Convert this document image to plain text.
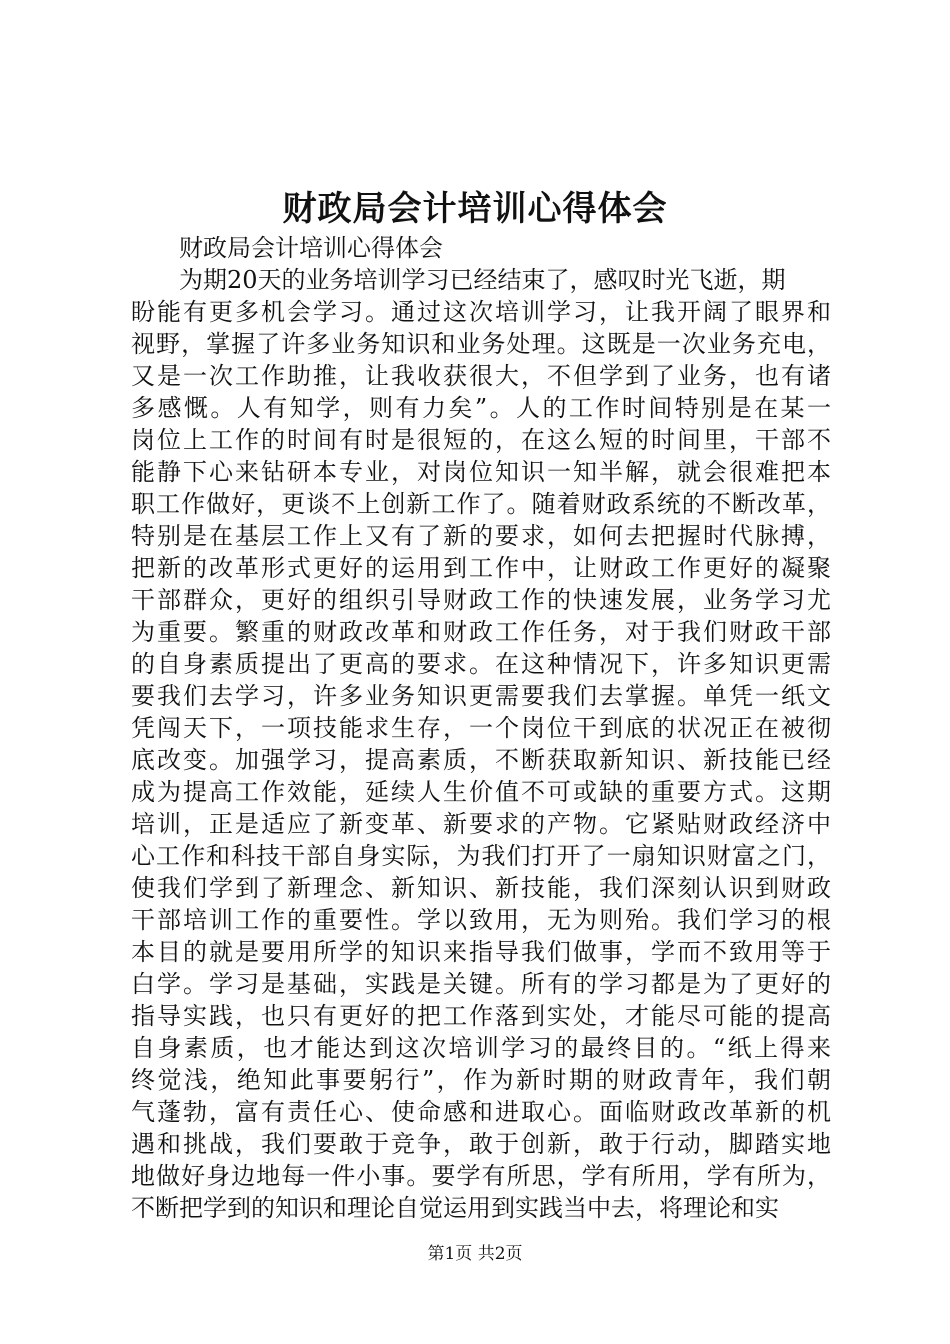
财政局会计培训心得体会
财政局会计培训心得体会
为期20天的业务培训学习已经结束了，感叹时光飞逝，期
盼能有更多机会学习。通过这次培训学习，让我开阔了眼界和
视野，掌握了许多业务知识和业务处理。这既是一次业务充电，
又是一次工作助推，让我收获很大，不但学到了业务，也有诸
多感慨。人有知学，则有力矣”。人的工作时间特别是在某一
岗位上工作的时间有时是很短的，在这么短的时间里，干部不
能静下心来钻研本专业，对岗位知识一知半解，就会很难把本
职工作做好，更谈不上创新工作了。随着财政系统的不断改革，
特别是在基层工作上又有了新的要求，如何去把握时代脉搏，
把新的改革形式更好的运用到工作中，让财政工作更好的凝聚
干部群众，更好的组织引导财政工作的快速发展，业务学习尤
为重要。繁重的财政改革和财政工作任务，对于我们财政干部
的自身素质提出了更高的要求。在这种情况下，许多知识更需
要我们去学习，许多业务知识更需要我们去掌握。单凭一纸文
凭闯天下，一项技能求生存，一个岗位干到底的状况正在被彻
底改变。加强学习，提高素质，不断获取新知识、新技能已经
成为提高工作效能，延续人生价值不可或缺的重要方式。这期
培训，正是适应了新变革、新要求的产物。它紧贴财政经济中
心工作和科技干部自身实际，为我们打开了一扇知识财富之门，
使我们学到了新理念、新知识、新技能，我们深刻认识到财政
干部培训工作的重要性。学以致用，无为则殆。我们学习的根
本目的就是要用所学的知识来指导我们做事，学而不致用等于
白学。学习是基础，实践是关键。所有的学习都是为了更好的
指导实践，也只有更好的把工作落到实处，才能尽可能的提高
自身素质，也才能达到这次培训学习的最终目的。“纸上得来
终觉浅，绝知此事要躬行”，作为新时期的财政青年，我们朝
气蓬勃，富有责任心、使命感和进取心。面临财政改革新的机
遇和挑战，我们要敢于竞争，敢于创新，敢于行动，脚踏实地
地做好身边地每一件小事。要学有所思，学有所用，学有所为，
不断把学到的知识和理论自觉运用到实践当中去，将理论和实
第1页 共2页
